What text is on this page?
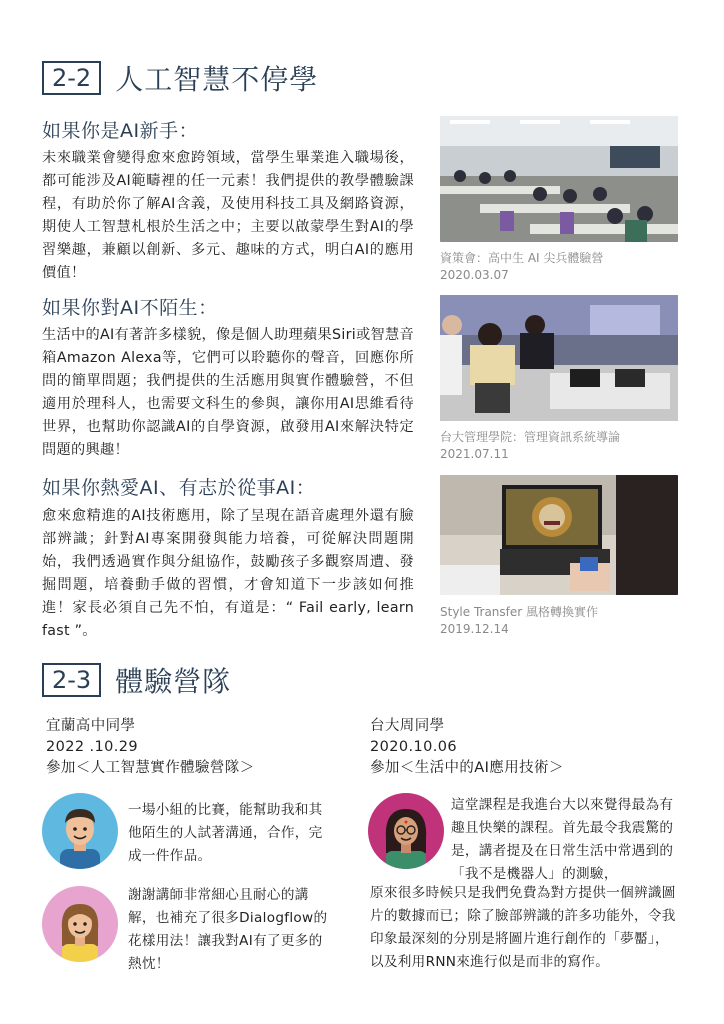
2-2 人工智慧不停學
如果你是AI新手：
未來職業會變得愈來愈跨領域，當學生畢業進入職場後，都可能涉及AI範疇裡的任一元素！我們提供的教學體驗課程，有助於你了解AI含義，及使用科技工具及網路資源，期使人工智慧札根於生活之中；主要以啟蒙學生對AI的學習樂趣，兼顧以創新、多元、趣味的方式，明白AI的應用價值！
資策會：高中生 AI 尖兵體驗營
2020.03.07
如果你對AI不陌生：
生活中的AI有著許多樣貌，像是個人助理蘋果Siri或智慧音箱Amazon Alexa等，它們可以聆聽你的聲音，回應你所問的簡單問題；我們提供的生活應用與實作體驗營，不但適用於理科人，也需要文科生的參與，讓你用AI思維看待世界，也幫助你認識AI的自學資源，啟發用AI來解決特定問題的興趣！
台大管理學院：管理資訊系統導論
2021.07.11
如果你熱愛AI、有志於從事AI：
愈來愈精進的AI技術應用，除了呈現在語音處理外還有臉部辨識；針對AI專案開發與能力培養，可從解決問題開始，我們透過實作與分組協作，鼓勵孩子多觀察周遭、發掘問題，培養動手做的習慣，才會知道下一步該如何推進！家長必須自己先不怕，有道是：“ Fail early, learn fast ”。
Style Transfer 風格轉換實作
2019.12.14
2-3 體驗營隊
宜蘭高中同學
2022 .10.29
參加＜人工智慧實作體驗營隊＞
一場小組的比賽，能幫助我和其他陌生的人試著溝通，合作，完成一件作品。
謝謝講師非常細心且耐心的講解，也補充了很多Dialogflow的花樣用法！讓我對AI有了更多的熱忱！
台大周同學
2020.10.06
參加＜生活中的AI應用技術＞
這堂課程是我進台大以來覺得最為有趣且快樂的課程。首先最令我震驚的是，講者提及在日常生活中常遇到的「我不是機器人」的測驗，
原來很多時候只是我們免費為對方提供一個辨識圖片的數據而已；除了臉部辨識的許多功能外，令我印象最深刻的分別是將圖片進行創作的「夢靨」，以及利用RNN來進行似是而非的寫作。
